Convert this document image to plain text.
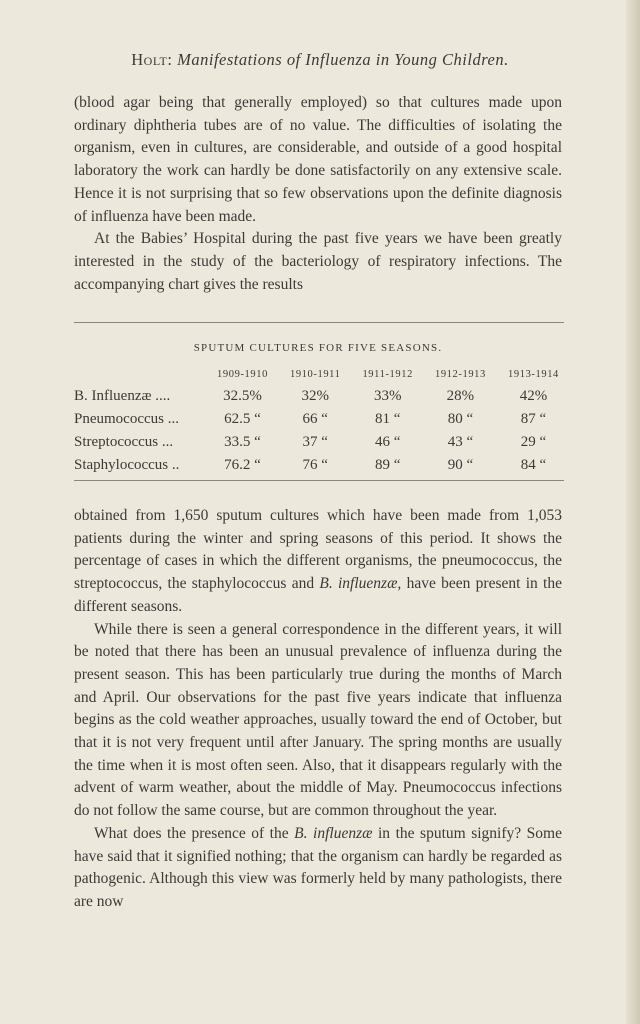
Holt: Manifestations of Influenza in Young Children.

(blood agar being that generally employed) so that cultures made upon ordinary diphtheria tubes are of no value. The difficulties of isolating the organism, even in cultures, are considerable, and outside of a good hospital laboratory the work can hardly be done satisfactorily on any extensive scale. Hence it is not surprising that so few observations upon the definite diagnosis of influenza have been made.

At the Babies’ Hospital during the past five years we have been greatly interested in the study of the bacteriology of respiratory infections. The accompanying chart gives the results

SPUTUM CULTURES FOR FIVE SEASONS.
	1909-1910	1910-1911	1911-1912	1912-1913	1913-1914
B. Influenzæ ....	32.5%	32%	33%	28%	42%
Pneumococcus ...	62.5 “	66 “	81 “	80 “	87 “
Streptococcus ...	33.5 “	37 “	46 “	43 “	29 “
Staphylococcus ..	76.2 “	76 “	89 “	90 “	84 “

obtained from 1,650 sputum cultures which have been made from 1,053 patients during the winter and spring seasons of this period. It shows the percentage of cases in which the different organisms, the pneumococcus, the streptococcus, the staphylococcus and B. influenzæ, have been present in the different seasons.

While there is seen a general correspondence in the different years, it will be noted that there has been an unusual prevalence of influenza during the present season. This has been particularly true during the months of March and April. Our observations for the past five years indicate that influenza begins as the cold weather approaches, usually toward the end of October, but that it is not very frequent until after January. The spring months are usually the time when it is most often seen. Also, that it disappears regularly with the advent of warm weather, about the middle of May. Pneumococcus infections do not follow the same course, but are common throughout the year.

What does the presence of the B. influenzæ in the sputum signify? Some have said that it signified nothing; that the organism can hardly be regarded as pathogenic. Although this view was formerly held by many pathologists, there are now
